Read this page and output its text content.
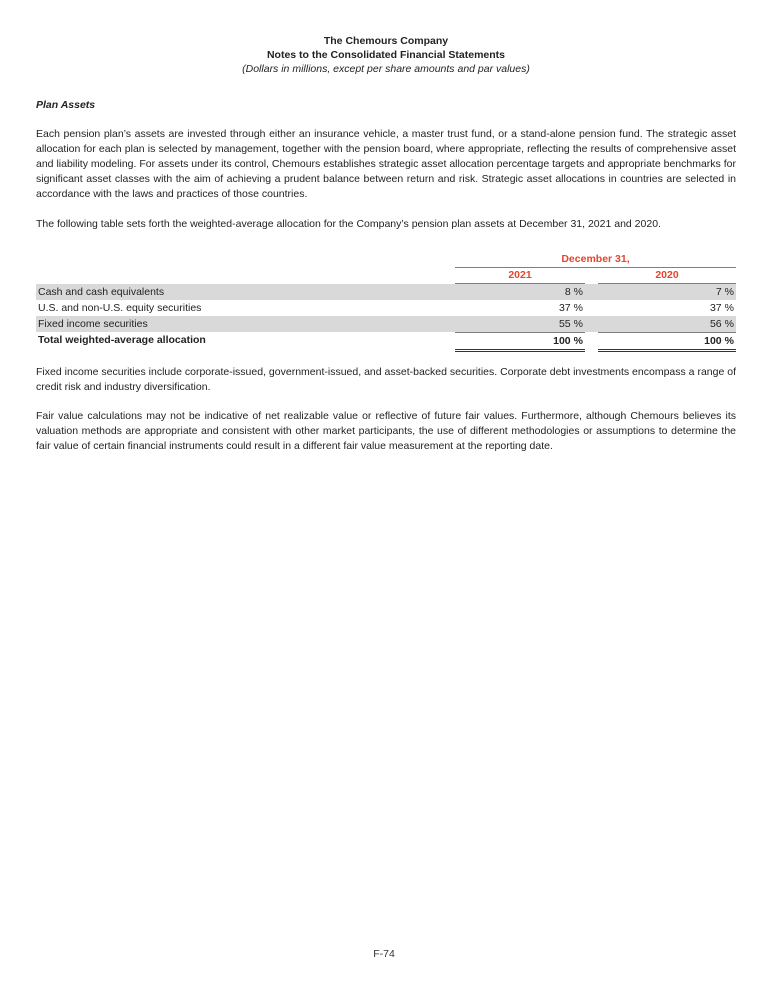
The Chemours Company
Notes to the Consolidated Financial Statements
(Dollars in millions, except per share amounts and par values)
Plan Assets

Each pension plan’s assets are invested through either an insurance vehicle, a master trust fund, or a stand-alone pension fund. The strategic asset allocation for each plan is selected by management, together with the pension board, where appropriate, reflecting the results of comprehensive asset and liability modeling. For assets under its control, Chemours establishes strategic asset allocation percentage targets and appropriate benchmarks for significant asset classes with the aim of achieving a prudent balance between return and risk. Strategic asset allocations in countries are selected in accordance with the laws and practices of those countries.

The following table sets forth the weighted-average allocation for the Company’s pension plan assets at December 31, 2021 and 2020.

December 31,
2021	2020
Cash and cash equivalents	8 %	7 %
U.S. and non-U.S. equity securities	37 %	37 %
Fixed income securities	55 %	56 %
Total weighted-average allocation	100 %	100 %

Fixed income securities include corporate-issued, government-issued, and asset-backed securities. Corporate debt investments encompass a range of credit risk and industry diversification.

Fair value calculations may not be indicative of net realizable value or reflective of future fair values. Furthermore, although Chemours believes its valuation methods are appropriate and consistent with other market participants, the use of different methodologies or assumptions to determine the fair value of certain financial instruments could result in a different fair value measurement at the reporting date.

F-74
